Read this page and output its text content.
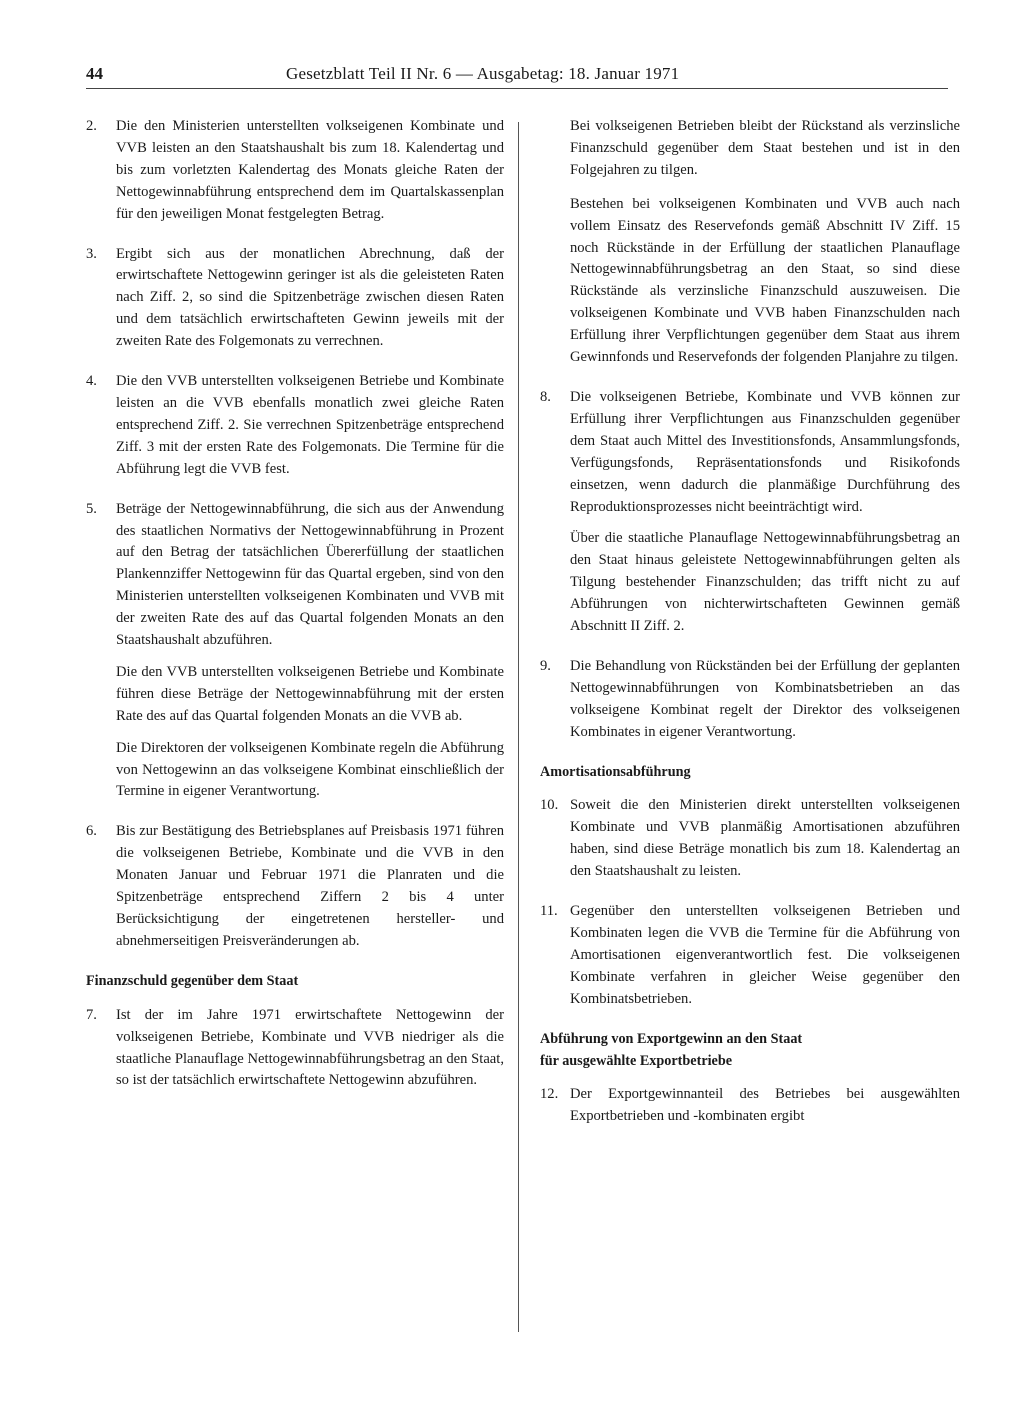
44	Gesetzblatt Teil II Nr. 6 — Ausgabetag: 18. Januar 1971
2.	Die den Ministerien unterstellten volkseigenen Kombinate und VVB leisten an den Staatshaushalt bis zum 18. Kalendertag und bis zum vorletzten Kalendertag des Monats gleiche Raten der Nettogewinnabführung entsprechend dem im Quartalskassenplan für den jeweiligen Monat festgelegten Betrag.

3.	Ergibt sich aus der monatlichen Abrechnung, daß der erwirtschaftete Nettogewinn geringer ist als die geleisteten Raten nach Ziff. 2, so sind die Spitzenbeträge zwischen diesen Raten und dem tatsächlich erwirtschafteten Gewinn jeweils mit der zweiten Rate des Folgemonats zu verrechnen.

4.	Die den VVB unterstellten volkseigenen Betriebe und Kombinate leisten an die VVB ebenfalls monatlich zwei gleiche Raten entsprechend Ziff. 2. Sie verrechnen Spitzenbeträge entsprechend Ziff. 3 mit der ersten Rate des Folgemonats. Die Termine für die Abführung legt die VVB fest.

5.	Beträge der Nettogewinnabführung, die sich aus der Anwendung des staatlichen Normativs der Nettogewinnabführung in Prozent auf den Betrag der tatsächlichen Übererfüllung der staatlichen Plankennziffer Nettogewinn für das Quartal ergeben, sind von den Ministerien unterstellten volkseigenen Kombinaten und VVB mit der zweiten Rate des auf das Quartal folgenden Monats an den Staatshaushalt abzuführen.

Die den VVB unterstellten volkseigenen Betriebe und Kombinate führen diese Beträge der Nettogewinnabführung mit der ersten Rate des auf das Quartal folgenden Monats an die VVB ab.

Die Direktoren der volkseigenen Kombinate regeln die Abführung von Nettogewinn an das volkseigene Kombinat einschließlich der Termine in eigener Verantwortung.

6.	Bis zur Bestätigung des Betriebsplanes auf Preisbasis 1971 führen die volkseigenen Betriebe, Kombinate und die VVB in den Monaten Januar und Februar 1971 die Planraten und die Spitzenbeträge entsprechend Ziffern 2 bis 4 unter Berücksichtigung der eingetretenen hersteller- und abnehmerseitigen Preisveränderungen ab.

Finanzschuld gegenüber dem Staat
7.	Ist der im Jahre 1971 erwirtschaftete Nettogewinn der volkseigenen Betriebe, Kombinate und VVB niedriger als die staatliche Planauflage Nettogewinnabführungsbetrag an den Staat, so ist der tatsächlich erwirtschaftete Nettogewinn abzuführen.

Bei volkseigenen Betrieben bleibt der Rückstand als verzinsliche Finanzschuld gegenüber dem Staat bestehen und ist in den Folgejahren zu tilgen.

Bestehen bei volkseigenen Kombinaten und VVB auch nach vollem Einsatz des Reservefonds gemäß Abschnitt IV Ziff. 15 noch Rückstände in der Erfüllung der staatlichen Planauflage Nettogewinnabführungsbetrag an den Staat, so sind diese Rückstände als verzinsliche Finanzschuld auszuweisen. Die volkseigenen Kombinate und VVB haben Finanzschulden nach Erfüllung ihrer Verpflichtungen gegenüber dem Staat aus ihrem Gewinnfonds und Reservefonds der folgenden Planjahre zu tilgen.

8.	Die volkseigenen Betriebe, Kombinate und VVB können zur Erfüllung ihrer Verpflichtungen aus Finanzschulden gegenüber dem Staat auch Mittel des Investitionsfonds, Ansammlungsfonds, Verfügungsfonds, Repräsentationsfonds und Risikofonds einsetzen, wenn dadurch die planmäßige Durchführung des Reproduktionsprozesses nicht beeinträchtigt wird.

Über die staatliche Planauflage Nettogewinnabführungsbetrag an den Staat hinaus geleistete Nettogewinnabführungen gelten als Tilgung bestehender Finanzschulden; das trifft nicht zu auf Abführungen von nichterwirtschafteten Gewinnen gemäß Abschnitt II Ziff. 2.

9.	Die Behandlung von Rückständen bei der Erfüllung der geplanten Nettogewinnabführungen von Kombinatsbetrieben an das volkseigene Kombinat regelt der Direktor des volkseigenen Kombinates in eigener Verantwortung.

Amortisationsabführung
10. Soweit die den Ministerien direkt unterstellten volkseigenen Kombinate und VVB planmäßig Amortisationen abzuführen haben, sind diese Beträge monatlich bis zum 18. Kalendertag an den Staatshaushalt zu leisten.

11. Gegenüber den unterstellten volkseigenen Betrieben und Kombinaten legen die VVB die Termine für die Abführung von Amortisationen eigenverantwortlich fest. Die volkseigenen Kombinate verfahren in gleicher Weise gegenüber den Kombinatsbetrieben.

Abführung von Exportgewinn an den Staat
für ausgewählte Exportbetriebe
12. Der Exportgewinnanteil des Betriebes bei ausgewählten Exportbetrieben und -kombinaten ergibt
